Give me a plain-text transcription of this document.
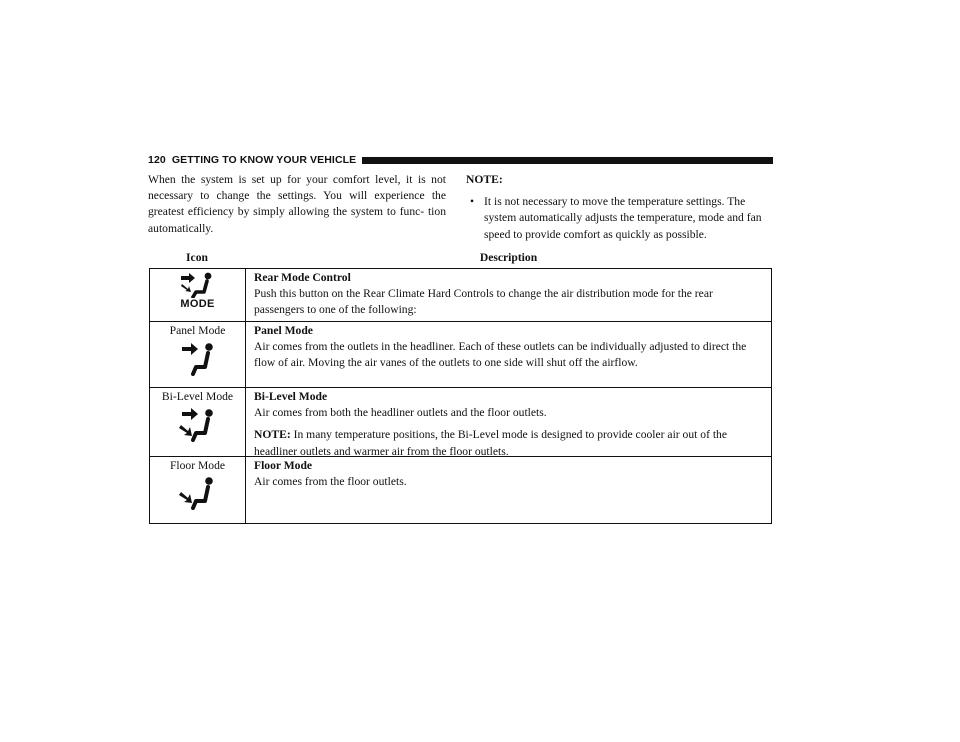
120 GETTING TO KNOW YOUR VEHICLE
When the system is set up for your comfort level, it is not necessary to change the settings. You will experience the greatest efficiency by simply allowing the system to func- tion automatically.
NOTE:
• It is not necessary to move the temperature settings. The system automatically adjusts the temperature, mode and fan speed to provide comfort as quickly as possible.
Icon	Description
MODE
Rear Mode Control
Push this button on the Rear Climate Hard Controls to change the air distribution mode for the rear passengers to one of the following:
Panel Mode	Panel Mode
Air comes from the outlets in the headliner. Each of these outlets can be individually adjusted to direct the flow of air. Moving the air vanes of the outlets to one side will shut off the airflow.
Bi-Level Mode	Bi-Level Mode
Air comes from both the headliner outlets and the floor outlets.
NOTE: In many temperature positions, the Bi-Level mode is designed to provide cooler air out of the headliner outlets and warmer air from the floor outlets.
Floor Mode	Floor Mode
Air comes from the floor outlets.
